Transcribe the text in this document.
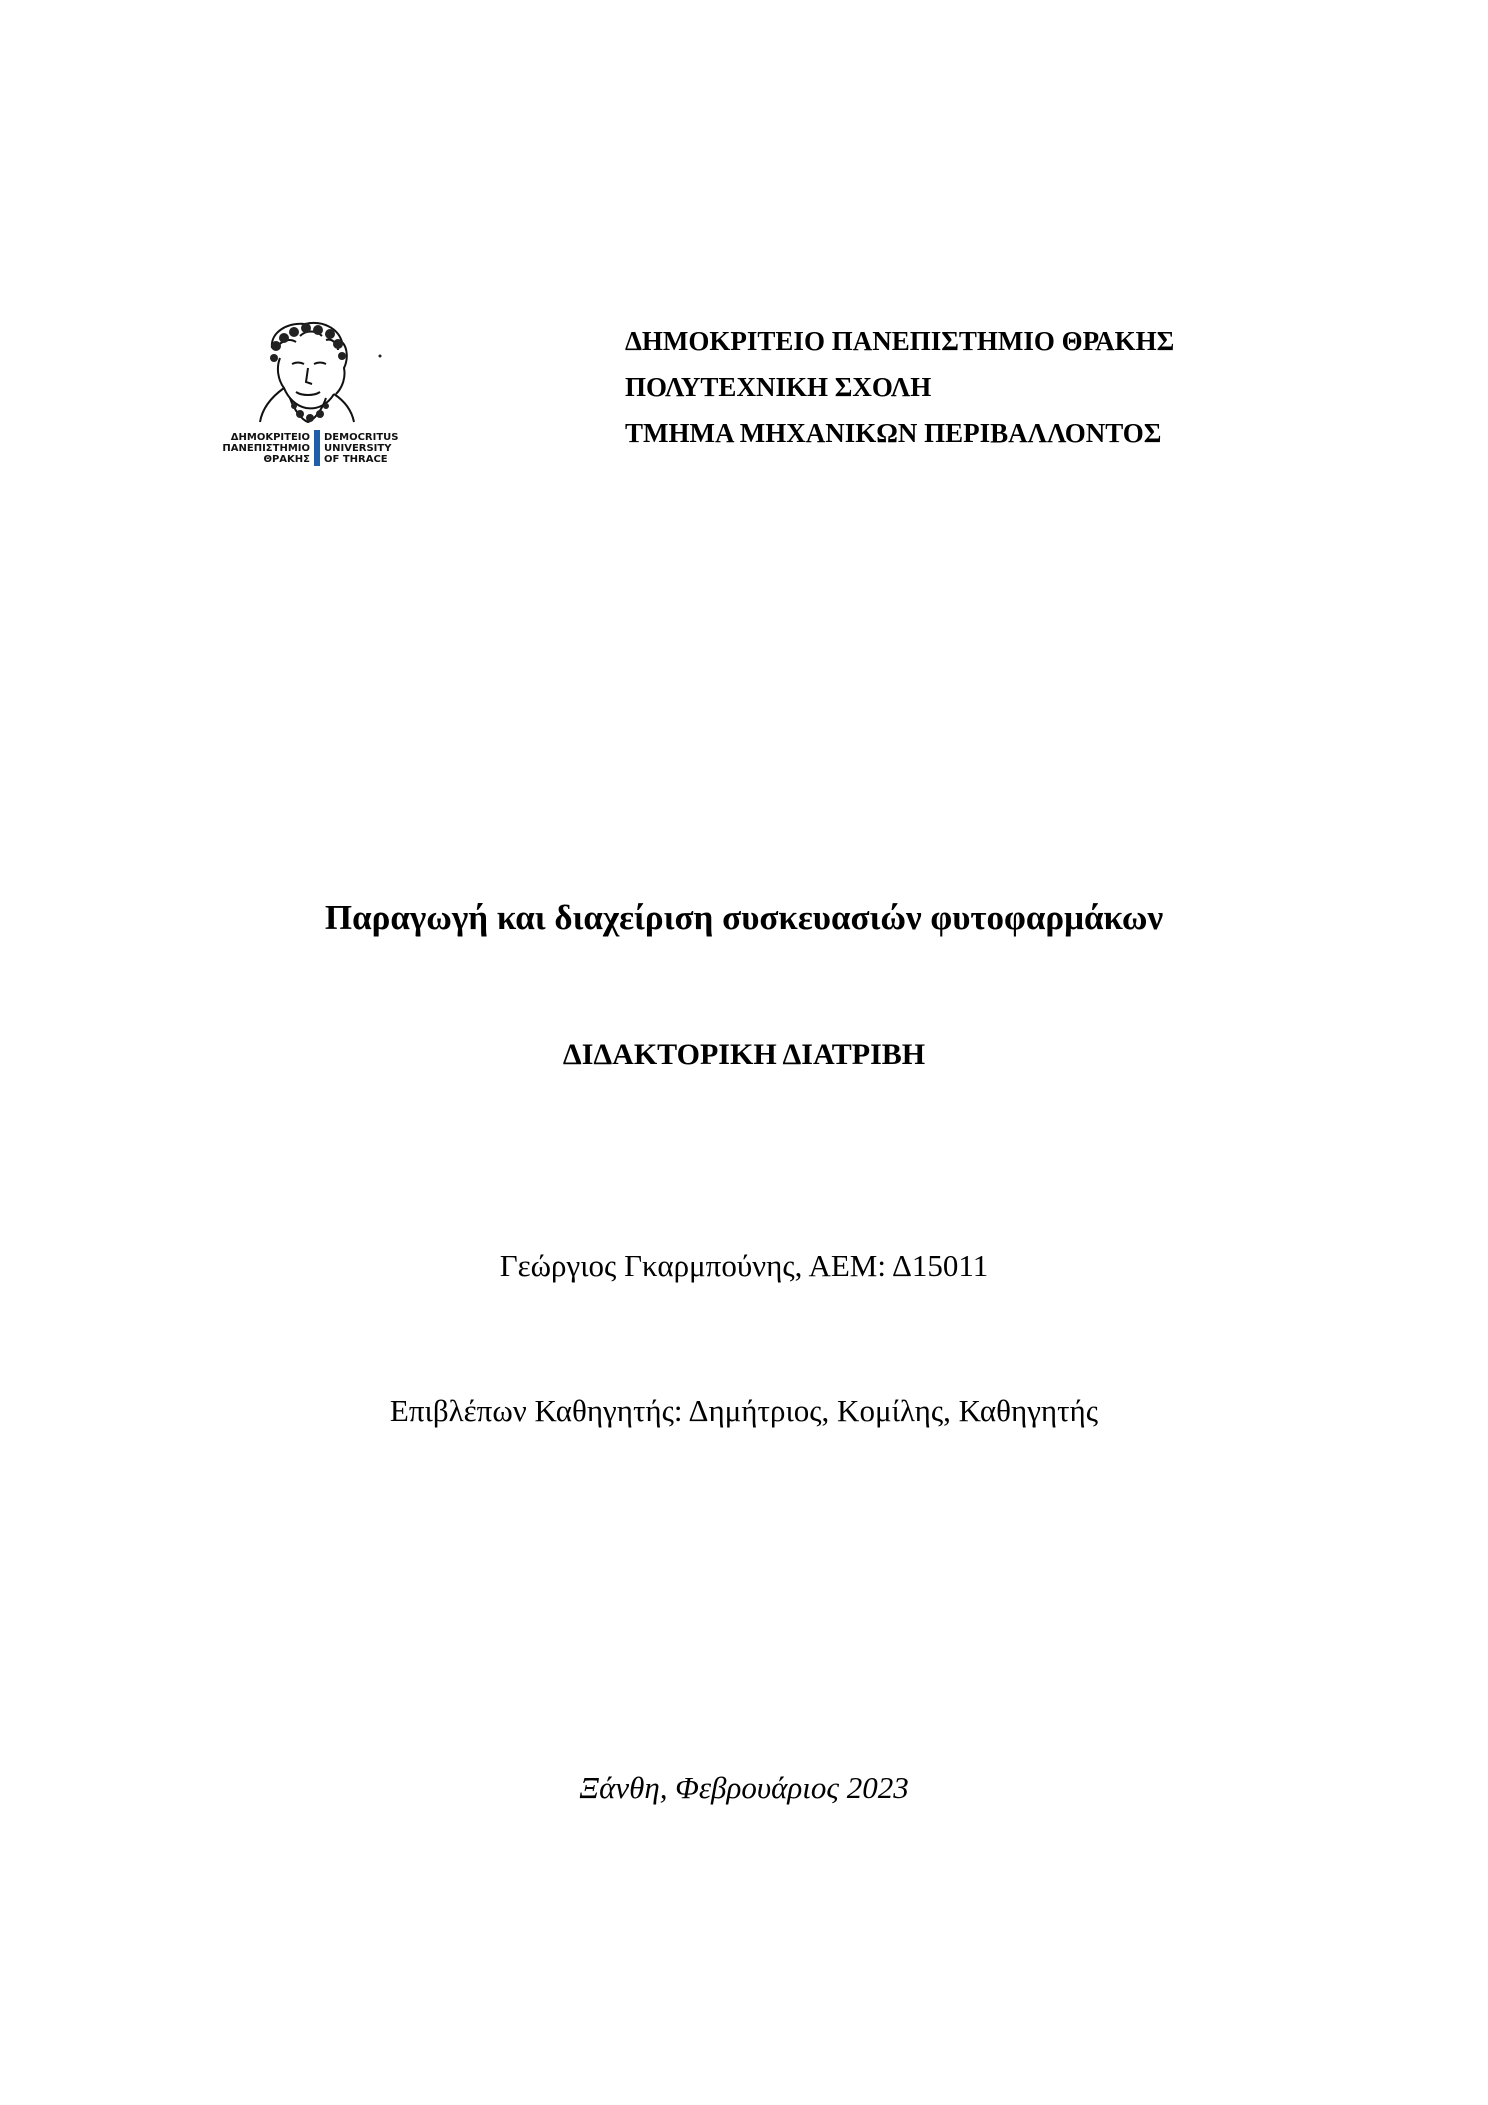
ΔΗΜΟΚΡΙΤΕΙΟ
ΠΑΝΕΠΙΣΤΗΜΙΟ
ΘΡΑΚΗΣ
DEMOCRITUS
UNIVERSITY
OF THRACE
ΔΗΜΟΚΡΙΤΕΙΟ ΠΑΝΕΠΙΣΤΗΜΙΟ ΘΡΑΚΗΣ
ΠΟΛΥΤΕΧΝΙΚΗ ΣΧΟΛΗ
ΤΜΗΜΑ ΜΗΧΑΝΙΚΩΝ ΠΕΡΙΒΑΛΛΟΝΤΟΣ
Παραγωγή και διαχείριση συσκευασιών φυτοφαρμάκων
ΔΙΔΑΚΤΟΡΙΚΗ ΔΙΑΤΡΙΒΗ
Γεώργιος Γκαρμπούνης, ΑΕΜ: Δ15011
Επιβλέπων Καθηγητής: Δημήτριος, Κομίλης, Καθηγητής
Ξάνθη, Φεβρουάριος 2023
